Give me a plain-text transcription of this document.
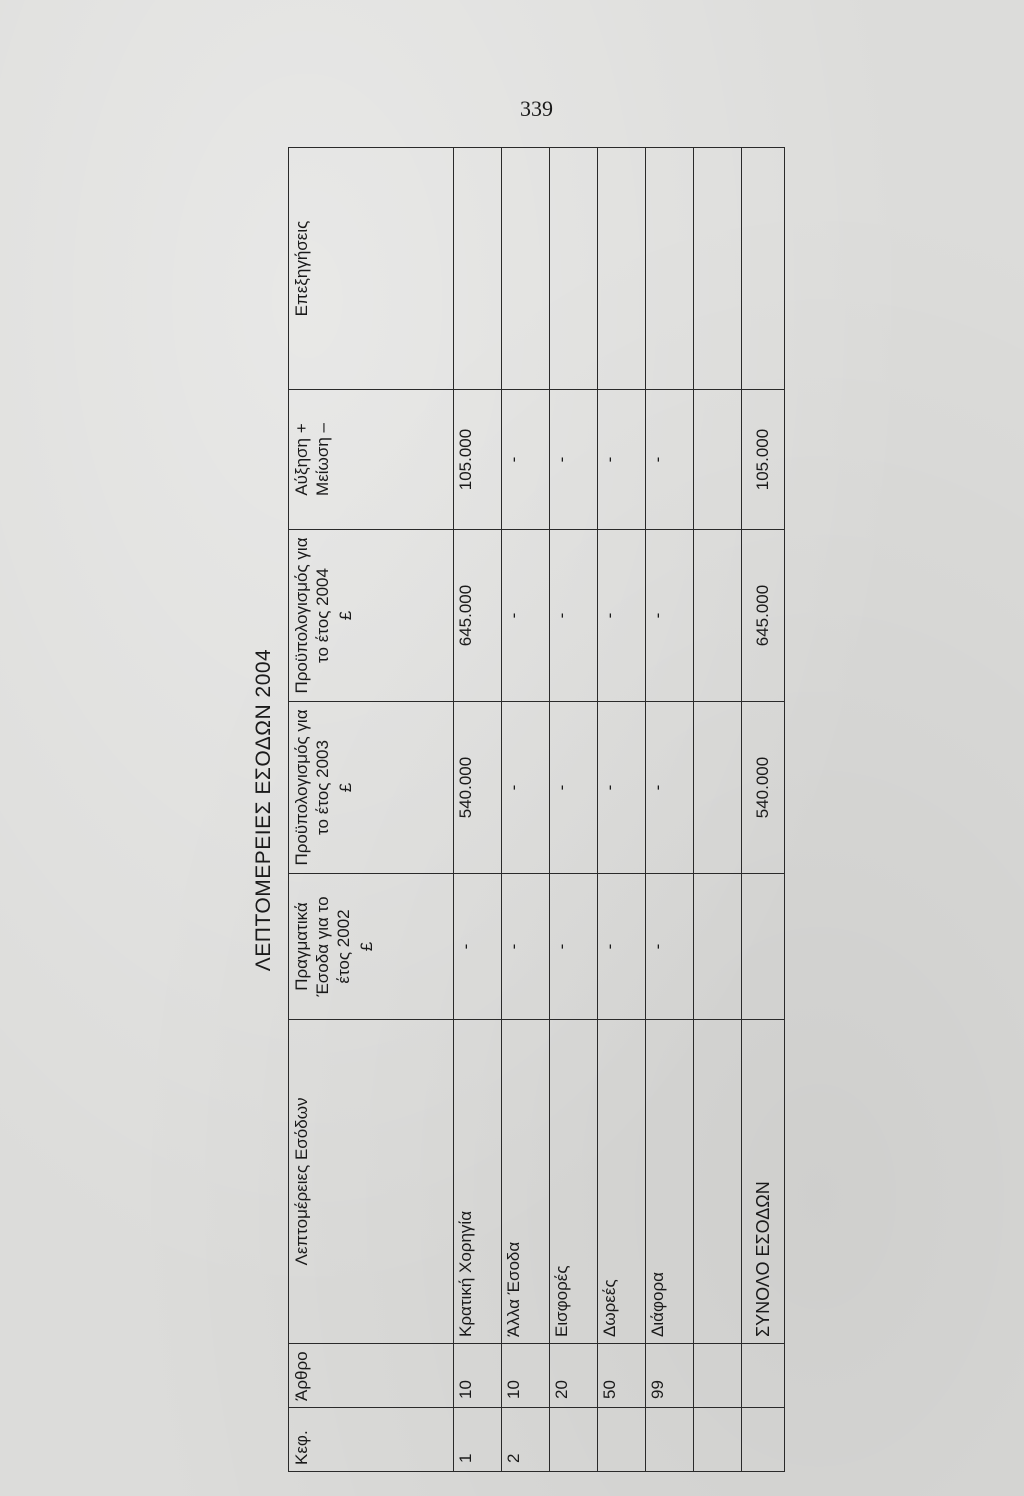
339
ΛΕΠΤΟΜΕΡΕΙΕΣ ΕΣΟΔΩΝ 2004
Κεφ.	Άρθρο	Λεπτομέρειες Εσόδων	Πραγματικά Έσοδα για το έτος 2002 £	Προϋπολογισμός για το έτος 2003 £	Προϋπολογισμός για το έτος 2004 £	Αύξηση + Μείωση –	Επεξηγήσεις
1	10	Κρατική Χορηγία	-	540.000	645.000	105.000	
2	10	Άλλα Έσοδα	-	-	-	-	
	20	Εισφορές	-	-	-	-	
	50	Δωρεές	-	-	-	-	
	99	Διάφορα	-	-	-	-	

		ΣΥΝΟΛΟ ΕΣΟΔΩΝ		540.000	645.000	105.000	
